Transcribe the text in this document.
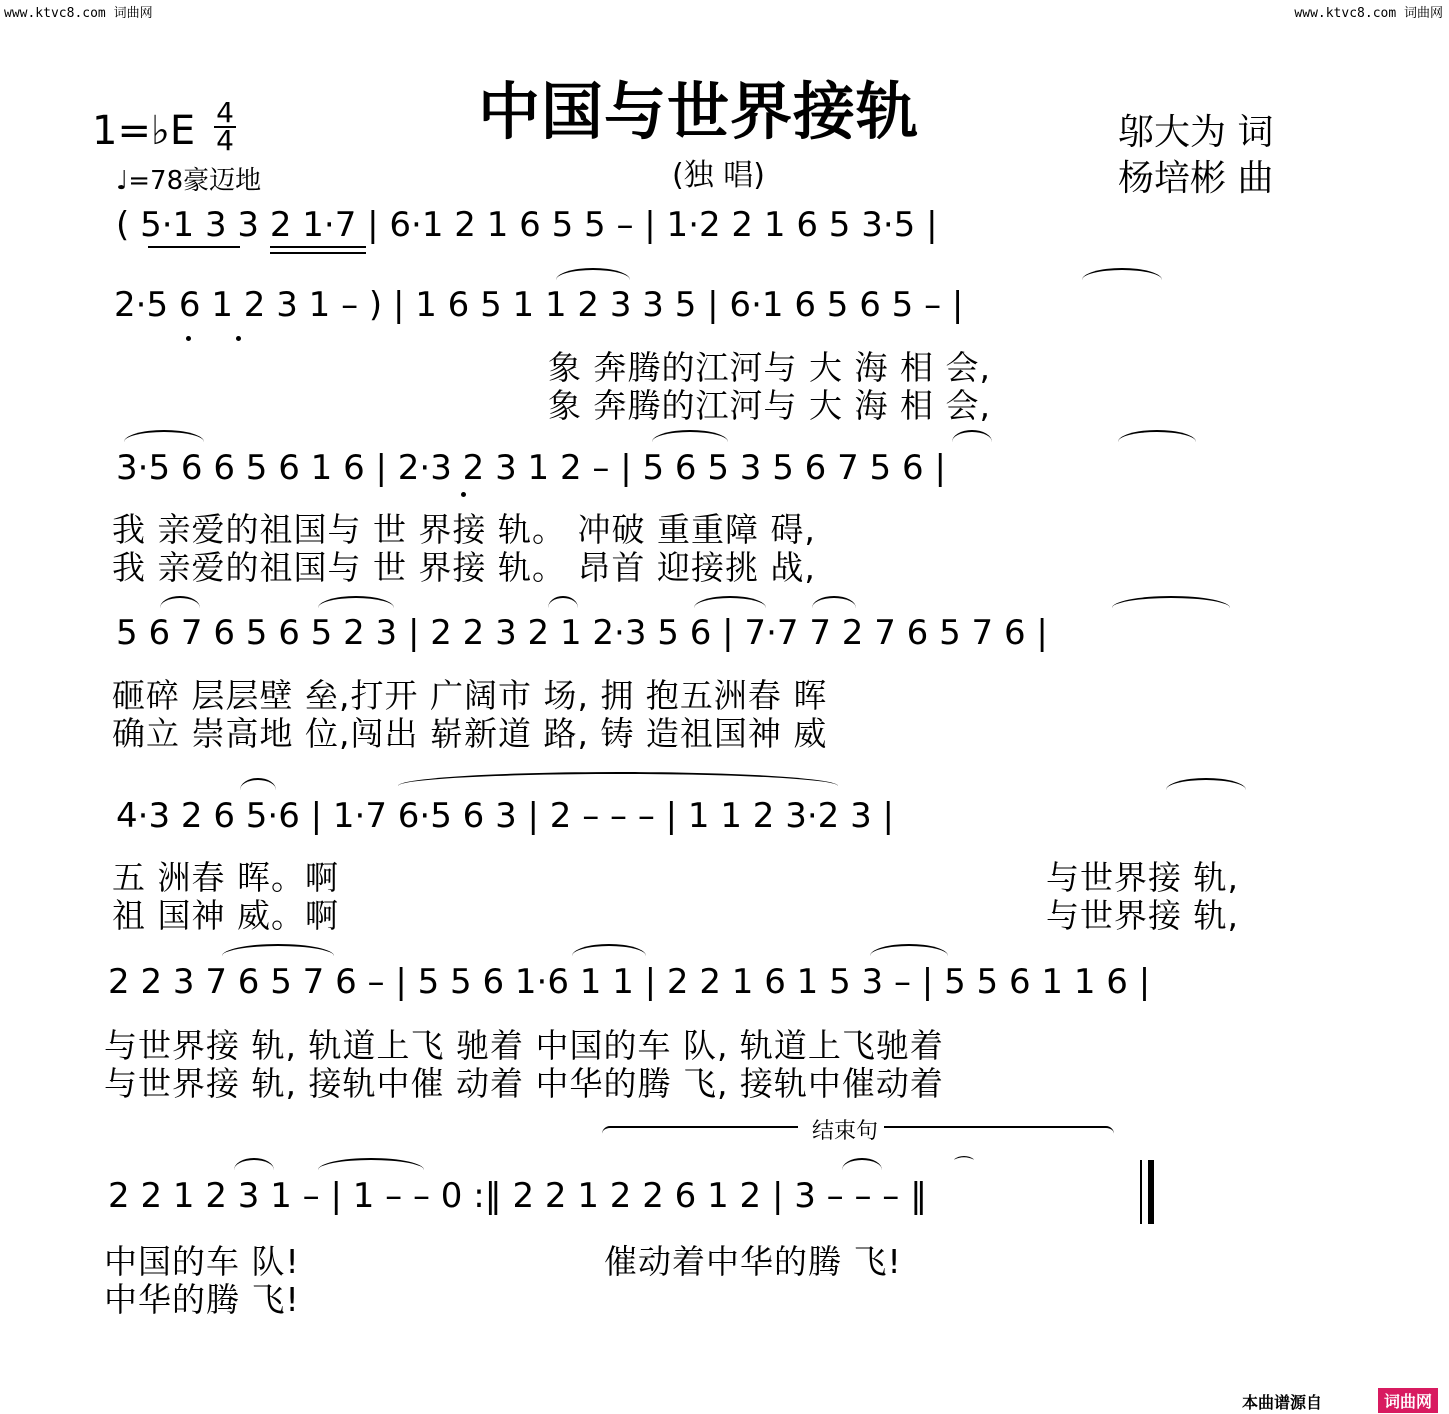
www.ktvc8.com 词曲网	www.ktvc8.com 词曲网
中国与世界接轨
(独 唱)
1=♭E 4
4
♩=78豪迈地
邬大为 词
杨培彬 曲
( 5·1 3 3 2 1·7 | 6·1 2 1 6 5 5 – | 1·2 2 1 6 5 3·5 |
2·5 6 1 2 3 1 – ) | 1 6 5 1 1 2 3 3 5 | 6·1 6 5 6 5 – |
象 奔腾的江河与 大 海 相 会,
象 奔腾的江河与 大 海 相 会,
3·5 6 6 5 6 1 6 | 2·3 2 3 1 2 – | 5 6 5 3 5 6 7 5 6 |
我 亲爱的祖国与 世 界接 轨。 冲破 重重障 碍,
我 亲爱的祖国与 世 界接 轨。 昂首 迎接挑 战,
5 6 7 6 5 6 5 2 3 | 2 2 3 2 1 2·3 5 6 | 7·7 7 2 7 6 5 7 6 |
砸碎 层层壁 垒,打开 广阔市 场, 拥 抱五洲春 晖
确立 崇高地 位,闯出 崭新道 路, 铸 造祖国神 威
4·3 2 6 5·6 | 1·7 6·5 6 3 | 2 – – – | 1 1 2 3·2 3 |
五 洲春 晖。啊
祖 国神 威。啊
与世界接 轨,
与世界接 轨,
2 2 3 7 6 5 7 6 – | 5 5 6 1·6 1 1 | 2 2 1 6 1 5 3 – | 5 5 6 1 1 6 |
与世界接 轨, 轨道上飞 驰着 中国的车 队, 轨道上飞驰着
与世界接 轨, 接轨中催 动着 中华的腾 飞, 接轨中催动着
结束句
2 2 1 2 3 1 – | 1 – – 0 :‖ 2 2 1 2 2 6 1 2 | 3 – – – ‖
⌒
中国的车 队!
中华的腾 飞!
催动着中华的腾 飞!
本曲谱源自	词曲网
